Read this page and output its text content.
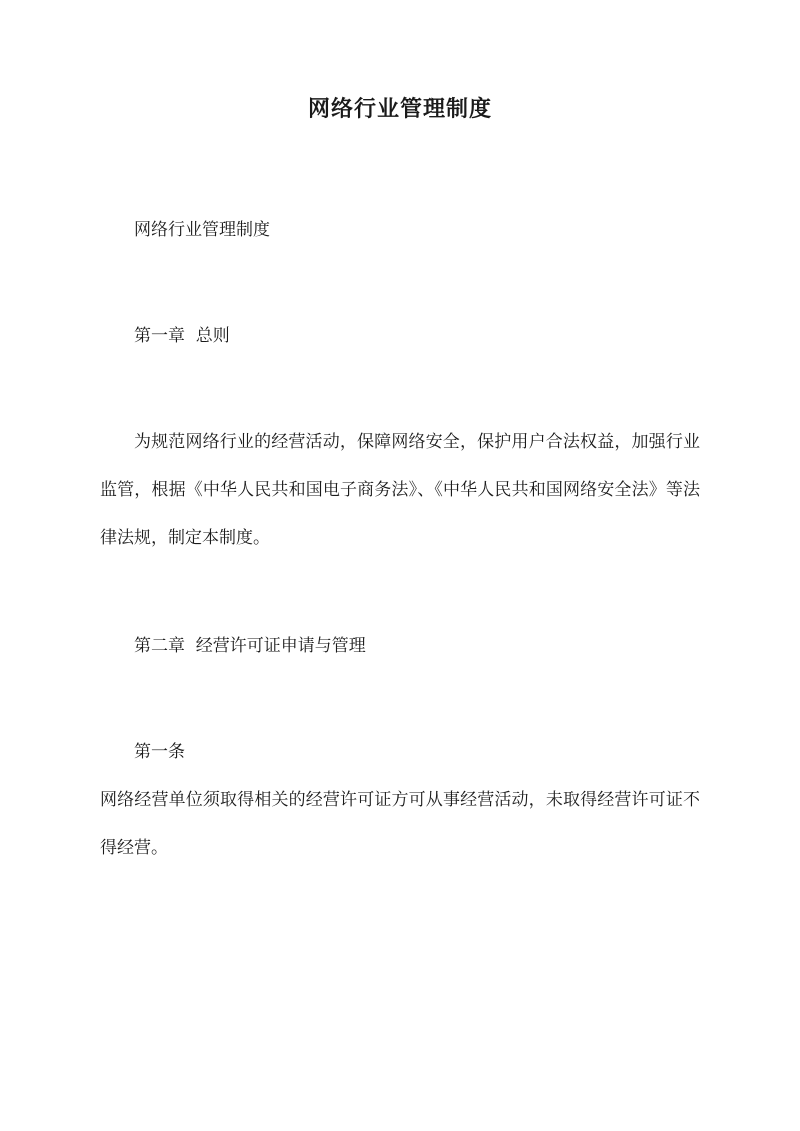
网络行业管理制度

网络行业管理制度

第一章  总则

为规范网络行业的经营活动，保障网络安全，保护用户合法权益，加强行业监管，根据《中华人民共和国电子商务法》、《中华人民共和国网络安全法》等法律法规，制定本制度。

第二章  经营许可证申请与管理

第一条

网络经营单位须取得相关的经营许可证方可从事经营活动，未取得经营许可证不得经营。
